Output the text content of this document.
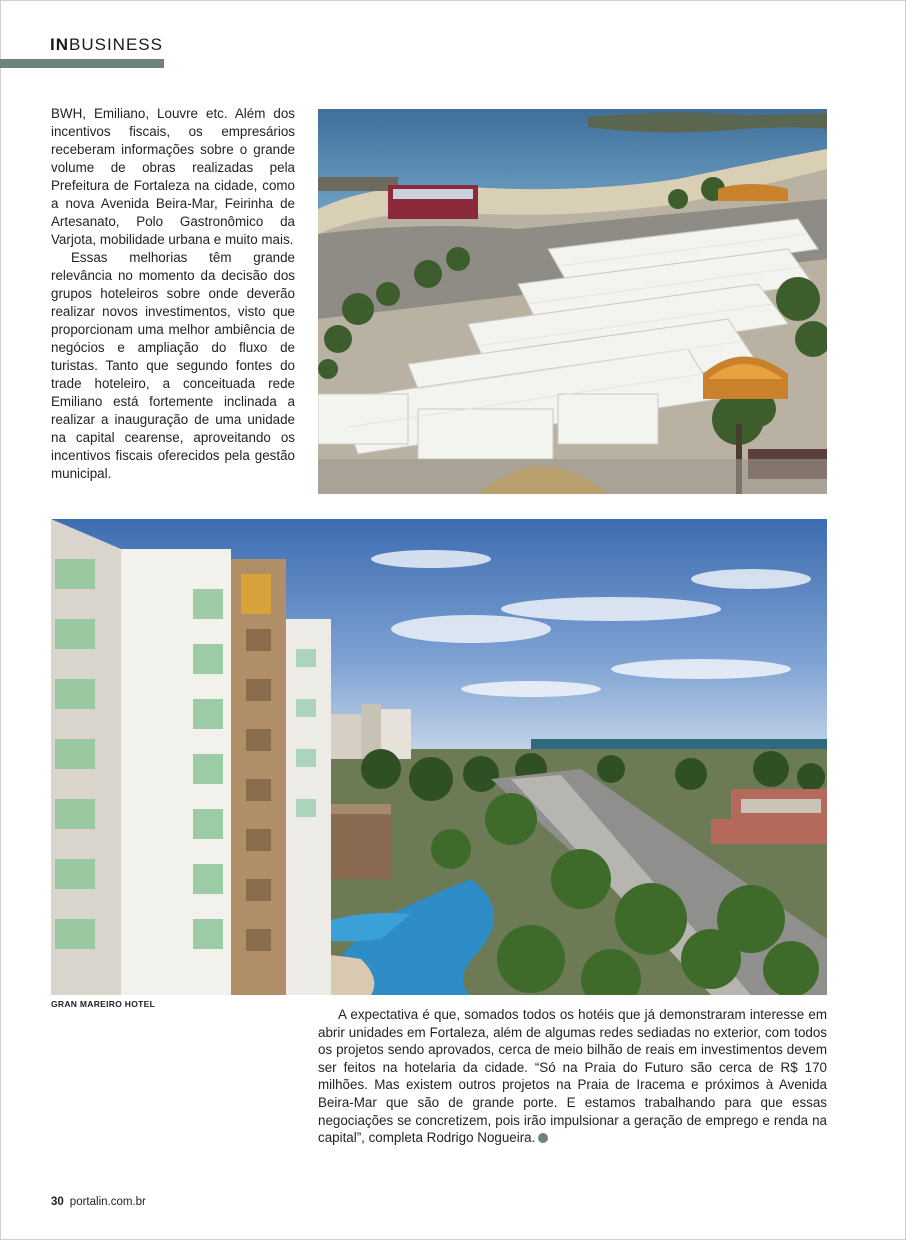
INBUSINESS

BWH, Emiliano, Louvre etc. Além dos incentivos fiscais, os empresários receberam informações sobre o grande volume de obras realizadas pela Prefeitura de Fortaleza na cidade, como a nova Avenida Beira-Mar, Feirinha de Artesanato, Polo Gastronômico da Varjota, mobilidade urbana e muito mais.

Essas melhorias têm grande relevância no momento da decisão dos grupos hoteleiros sobre onde deverão realizar novos investimentos, visto que proporcionam uma melhor ambiência de negócios e ampliação do fluxo de turistas. Tanto que segundo fontes do trade hoteleiro, a conceituada rede Emiliano está fortemente inclinada a realizar a inauguração de uma unidade na capital cearense, aproveitando os incentivos fiscais oferecidos pela gestão municipal.

GRAN MAREIRO HOTEL
A expectativa é que, somados todos os hotéis que já demonstraram interesse em abrir unidades em Fortaleza, além de algumas redes sediadas no exterior, com todos os projetos sendo aprovados, cerca de meio bilhão de reais em investimentos devem ser feitos na hotelaria da cidade. “Só na Praia do Futuro são cerca de R$ 170 milhões. Mas existem outros projetos na Praia de Iracema e próximos à Avenida Beira-Mar que são de grande porte. E estamos trabalhando para que essas negociações se concretizem, pois irão impulsionar a geração de emprego e renda na capital”, completa Rodrigo Nogueira.+
30 portalin.com.br
